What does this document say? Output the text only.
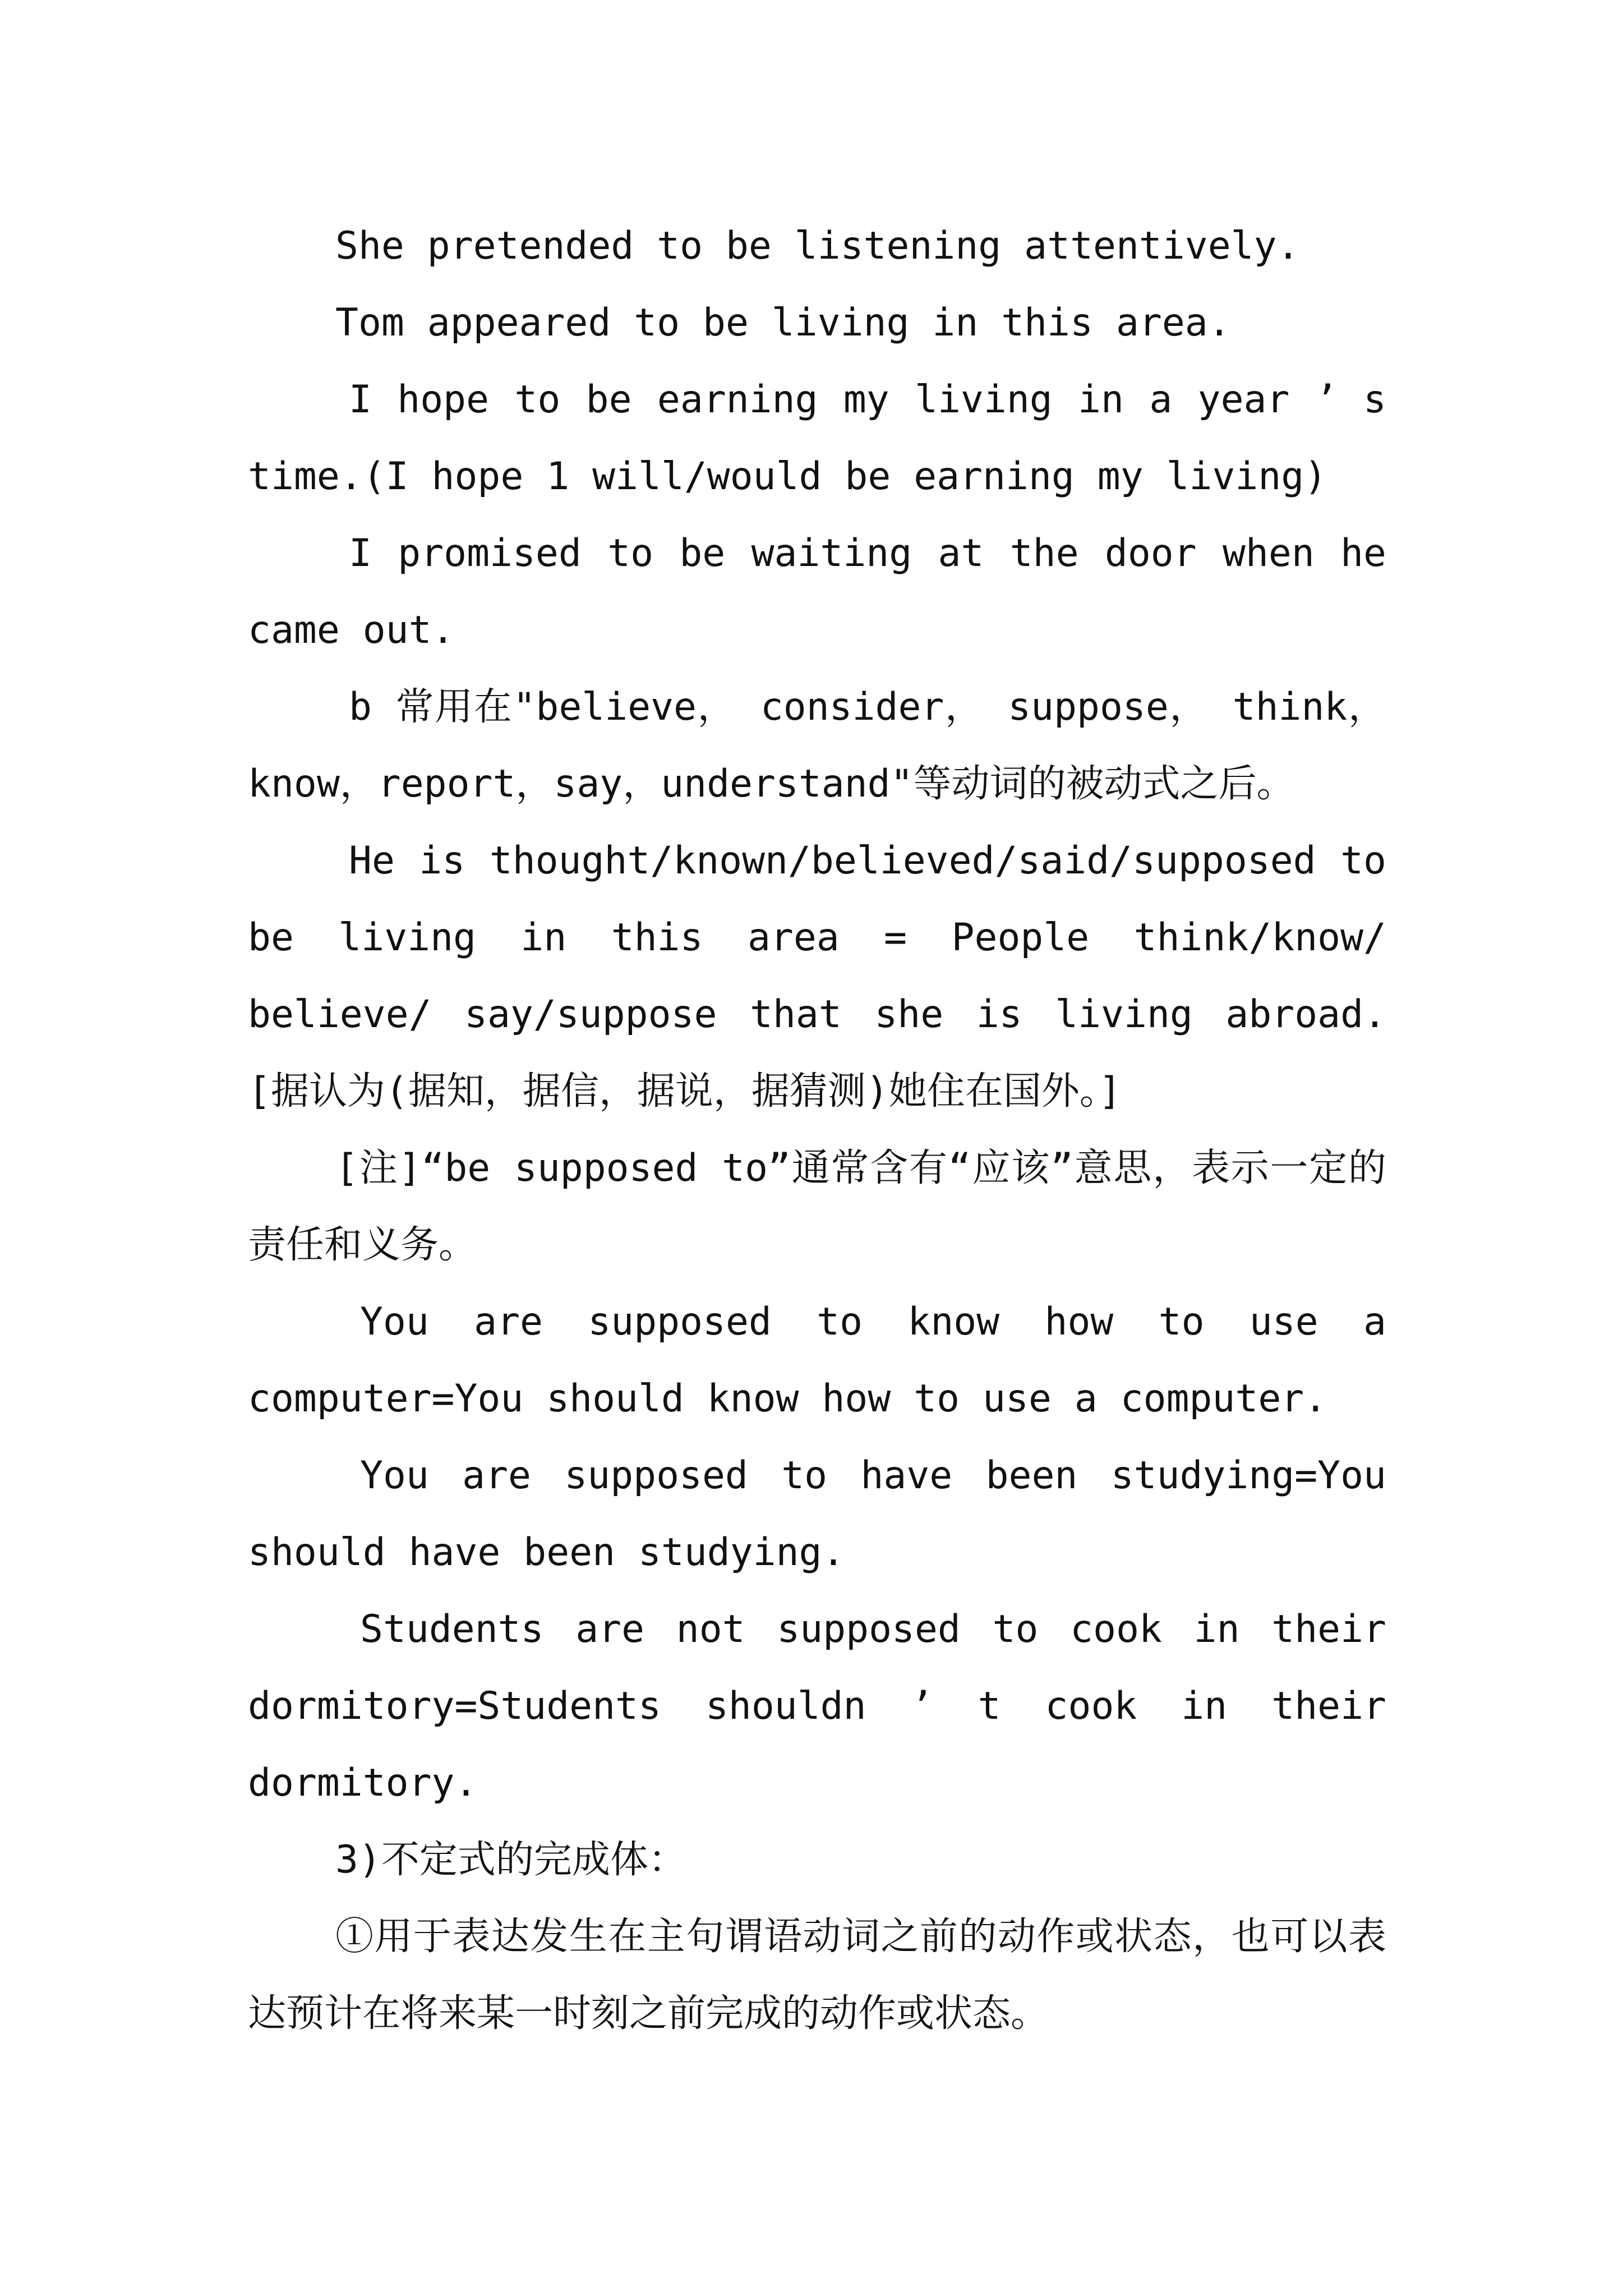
She pretended to be listening attentively.

Tom appeared to be living in this area.

I hope to be earning my living in a year ’ s time.(I hope 1 will/would be earning my living)

I promised to be waiting at the door when he came out.

b 常用在"believe， consider， suppose， think，know，report，say，understand"等动词的被动式之后。

He is thought/known/believed/said/supposed to be living in this area = People think/know/ believe/ say/suppose that she is living abroad.[据认为(据知，据信，据说，据猜测)她住在国外。]

[注]“be supposed to”通常含有“应该”意思，表示一定的责任和义务。

You are supposed to know how to use a computer=You should know how to use a computer.

You are supposed to have been studying=You should have been studying.

Students are not supposed to cook in their dormitory=Students shouldn ’ t cook in their dormitory.

3)不定式的完成体：

①用于表达发生在主句谓语动词之前的动作或状态，也可以表达预计在将来某一时刻之前完成的动作或状态。
